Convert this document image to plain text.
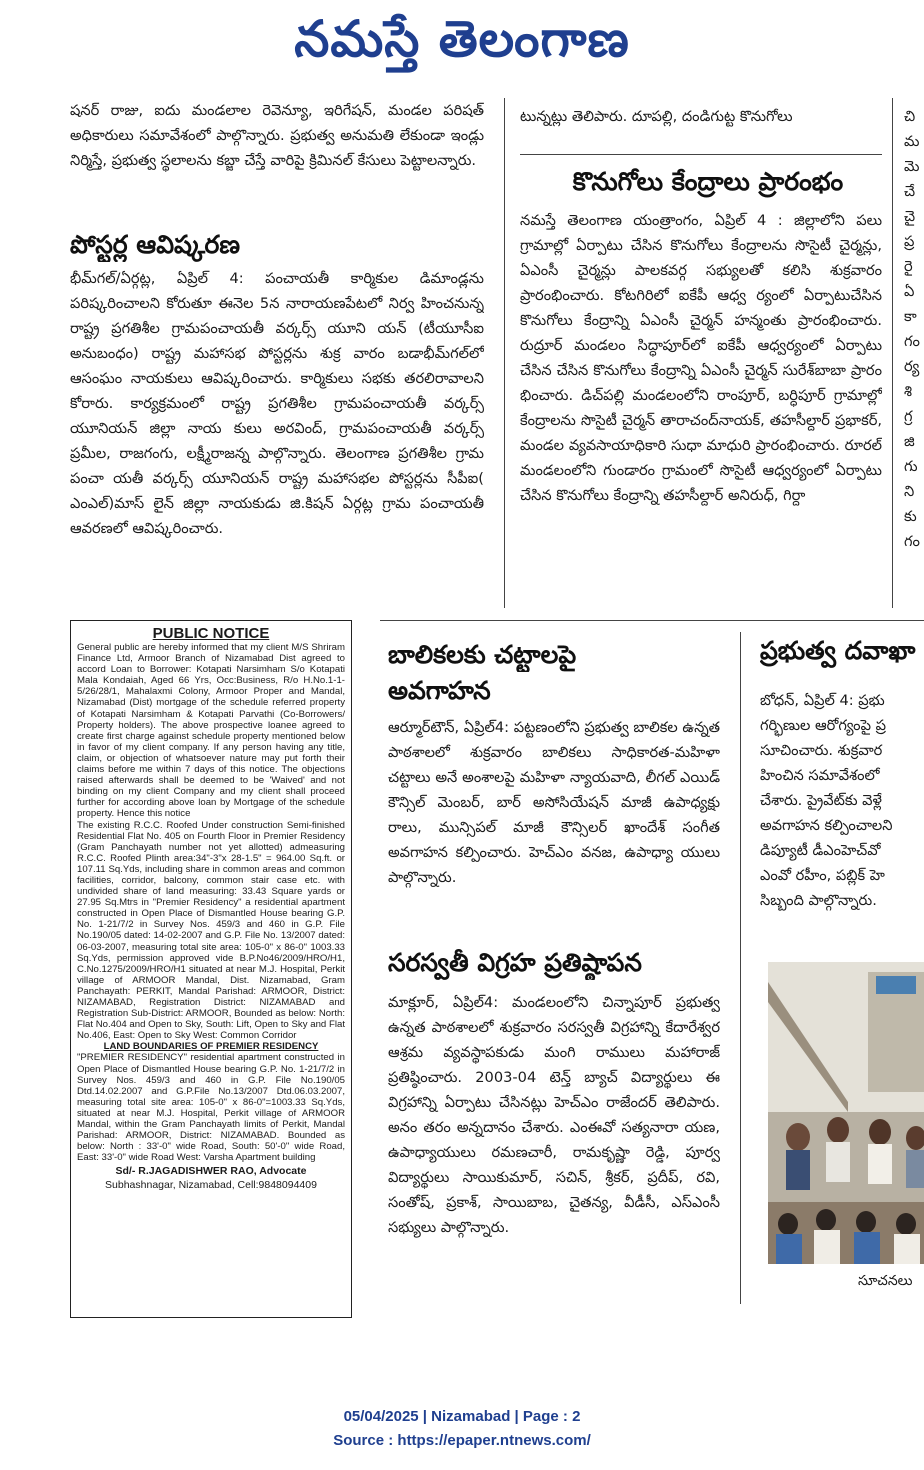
నమస్తే తెలంగాణ

షనర్ రాజు, ఐదు మండలాల రెవెన్యూ, ఇరిగేషన్, మండల పరిషత్ అధికారులు సమావేశంలో పాల్గొన్నారు. ప్రభుత్వ అనుమతి లేకుండా ఇండ్లు నిర్మిస్తే, ప్రభుత్వ స్థలాలను కబ్జా చేస్తే వారిపై క్రిమినల్ కేసులు పెట్టాలన్నారు.

పోస్టర్ల ఆవిష్కరణ

భీమ్‌గల్/ఏర్గట్ల, ఏప్రిల్ 4: పంచాయతీ కార్మికుల డిమాండ్లను పరిష్కరించాలని కోరుతూ ఈనెల 5న నారాయణపేటలో నిర్వ హించనున్న రాష్ట్ర ప్రగతిశీల గ్రామపంచాయతీ వర్కర్స్ యూని యన్ (టీయూసీఐ అనుబంధం) రాష్ట్ర మహాసభ పోస్టర్లను శుక్ర వారం బడాభీమ్‌గల్‌లో ఆసంఘం నాయకులు ఆవిష్కరించారు. కార్మికులు సభకు తరలిరావాలని కోరారు. కార్యక్రమంలో రాష్ట్ర ప్రగతిశీల గ్రామపంచాయతీ వర్కర్స్ యూనియన్ జిల్లా నాయ కులు అరవింద్, గ్రామపంచాయతీ వర్కర్స్ ప్రమీల, రాజగంగు, లక్ష్మీరాజన్న పాల్గొన్నారు. తెలంగాణ ప్రగతిశీల గ్రామ పంచా యతీ వర్కర్స్ యూనియన్ రాష్ట్ర మహాసభల పోస్టర్లను సీపీఐ( ఎంఎల్)మాస్ లైన్ జిల్లా నాయకుడు జి.కిషన్ ఏర్గట్ల గ్రామ పంచాయతీ ఆవరణలో ఆవిష్కరించారు.

టున్నట్లు తెలిపారు. దూపల్లి, దండిగుట్ట కొనుగోలు

కొనుగోలు కేంద్రాలు ప్రారంభం

నమస్తే తెలంగాణ యంత్రాంగం, ఏప్రిల్ 4 : జిల్లాలోని పలు గ్రామాల్లో ఏర్పాటు చేసిన కొనుగోలు కేంద్రాలను సొసైటీ చైర్మన్లు, ఏఎంసీ చైర్మన్లు పాలకవర్గ సభ్యులతో కలిసి శుక్రవారం ప్రారంభించారు. కోటగిరిలో ఐకేపీ ఆధ్వ ర్యంలో ఏర్పాటుచేసిన కొనుగోలు కేంద్రాన్ని ఏఎంసీ చైర్మన్ హన్మంతు ప్రారంభించారు. రుద్రూర్ మండలం సిద్ధాపూర్‌లో ఐకేపీ ఆధ్వర్యంలో ఏర్పాటు చేసిన చేసిన కొనుగోలు కేంద్రాన్ని ఏఎంసీ చైర్మన్ సురేశ్‌బాబా ప్రారం భించారు. డిచ్‌పల్లి మండలంలోని రాంపూర్, బర్ధిపూర్ గ్రామాల్లో కేంద్రాలను సొసైటీ చైర్మన్ తారాచంద్‌నాయక్, తహసీల్దార్ ప్రభాకర్, మండల వ్యవసాయాధికారి సుధా మాధురి ప్రారంభించారు. రూరల్ మండలంలోని గుండారం గ్రామంలో సొసైటీ ఆధ్వర్యంలో ఏర్పాటు చేసిన కొనుగోలు కేంద్రాన్ని తహసీల్దార్ అనిరుధ్, గిర్దా

చి
మ
మె
చే
చై
ప్ర
రై
ఏ
కా
గం
ర్య
శి
గ్ర
జి
గు
ని
కు
గం

PUBLIC NOTICE

General public are hereby informed that my client M/S Shriram Finance Ltd, Armoor Branch of Nizamabad Dist agreed to accord Loan to Borrower: Kotapati Narsimham S/o Kotapati Mala Kondaiah, Aged 66 Yrs, Occ:Business, R/o H.No.1-1-5/26/28/1, Mahalaxmi Colony, Armoor Proper and Mandal, Nizamabad (Dist) mortgage of the schedule referred property of Kotapati Narsimham & Kotapati Parvathi (Co-Borrowers/ Property holders). The above prospective loanee agreed to create first charge against schedule property mentioned below in favor of my client company. If any person having any title, claim, or objection of whatsoever nature may put forth their claims before me within 7 days of this notice. The objections raised afterwards shall be deemed to be 'Waived' and not binding on my client Company and my client shall proceed further for according above loan by Mortgage of the schedule property. Hence this notice

The existing R.C.C. Roofed Under construction Semi-finished Residential Flat No. 405 on Fourth Floor in Premier Residency (Gram Panchayath number not yet allotted) admeasuring R.C.C. Roofed Plinth area:34"-3"x 28-1.5" = 964.00 Sq.ft. or 107.11 Sq.Yds, including share in common areas and common facilities, corridor, balcony, common stair case etc. with undivided share of land measuring: 33.43 Square yards or 27.95 Sq.Mtrs in "Premier Residency" a residential apartment constructed in Open Place of Dismantled House bearing G.P. No. 1-21/7/2 in Survey Nos. 459/3 and 460 in G.P. File No.190/05 dated: 14-02-2007 and G.P. File No. 13/2007 dated: 06-03-2007, measuring total site area: 105-0" x 86-0" 1003.33 Sq.Yds, permission approved vide B.P.No46/2009/HRO/H1, C.No.1275/2009/HRO/H1 situated at near M.J. Hospital, Perkit village of ARMOOR Mandal, Dist. Nizamabad, Gram Panchayath: PERKIT, Mandal Parishad: ARMOOR, District: NIZAMABAD, Registration District: NIZAMABAD and Registration Sub-District: ARMOOR, Bounded as below: North: Flat No.404 and Open to Sky, South: Lift, Open to Sky and Flat No.406, East: Open to Sky West: Common Corridor

LAND BOUNDARIES OF PREMIER RESIDENCY

"PREMIER RESIDENCY" residential apartment constructed in Open Place of Dismantled House bearing G.P. No. 1-21/7/2 in Survey Nos. 459/3 and 460 in G.P. File No.190/05 Dtd.14.02.2007 and G.P.File No.13/2007 Dtd.06.03.2007, measuring total site area: 105-0" x 86-0"=1003.33 Sq.Yds, situated at near M.J. Hospital, Perkit village of ARMOOR Mandal, within the Gram Panchayath limits of Perkit, Mandal Parishad: ARMOOR, District: NIZAMABAD. Bounded as below: North : 33'-0" wide Road, South: 50'-0" wide Road, East: 33'-0" wide Road West: Varsha Apartment building

Sd/- R.JAGADISHWER RAO, Advocate

Subhashnagar, Nizamabad, Cell:9848094409

బాలికలకు చట్టాలపై
అవగాహన

ఆర్మూర్‌టౌన్, ఏప్రిల్4: పట్టణంలోని ప్రభుత్వ బాలికల ఉన్నత పాఠశాలలో శుక్రవారం బాలికలు సాధికారత-మహిళా చట్టాలు అనే అంశాలపై మహిళా న్యాయవాది, లీగల్ ఎయిడ్ కౌన్సిల్ మెంబర్, బార్ అసోసియేషన్ మాజీ ఉపాధ్యక్షు రాలు, మున్సిపల్ మాజీ కౌన్సిలర్ ఖాందేశ్ సంగీత అవగాహన కల్పించారు. హెచ్‌ఎం వనజ, ఉపాధ్యా యులు పాల్గొన్నారు.

సరస్వతీ విగ్రహ ప్రతిష్ఠాపన

మాక్లూర్, ఏప్రిల్4: మండలంలోని చిన్నాపూర్ ప్రభుత్వ ఉన్నత పాఠశాలలో శుక్రవారం సరస్వతీ విగ్రహాన్ని కేదారేశ్వర ఆశ్రమ వ్యవస్థాపకుడు మంగి రాములు మహారాజ్ ప్రతిష్ఠించారు. 2003-04 టెన్త్ బ్యాచ్ విద్యార్థులు ఈ విగ్రహాన్ని ఏర్పాటు చేసినట్లు హెచ్‌ఎం రాజేందర్ తెలిపారు. అనం తరం అన్నదానం చేశారు. ఎంఈవో సత్యనారా యణ, ఉపాధ్యాయులు రమణచారీ, రామకృష్ణా రెడ్డి, పూర్వ విద్యార్థులు సాయికుమార్, సచిన్, శ్రీకర్, ప్రదీప్, రవి, సంతోష్, ప్రకాశ్, సాయిబాబ, చైతన్య, వీడీసీ, ఎస్‌ఎంసీ సభ్యులు పాల్గొన్నారు.

ప్రభుత్వ దవాఖా
బోధన్, ఏప్రిల్ 4: ప్రభు
గర్భిణుల ఆరోగ్యంపై ప్ర
సూచించారు. శుక్రవార
హించిన సమావేశంలో
చేశారు. ప్రైవేట్‌కు వెళ్లే
అవగాహన కల్పించాలని
డిప్యూటీ డీఎంహెచ్‌వో
ఎంవో రహీం, పబ్లిక్ హె
సిబ్బంది పాల్గొన్నారు.
సూచనలు
05/04/2025 | Nizamabad | Page : 2
Source : https://epaper.ntnews.com/
